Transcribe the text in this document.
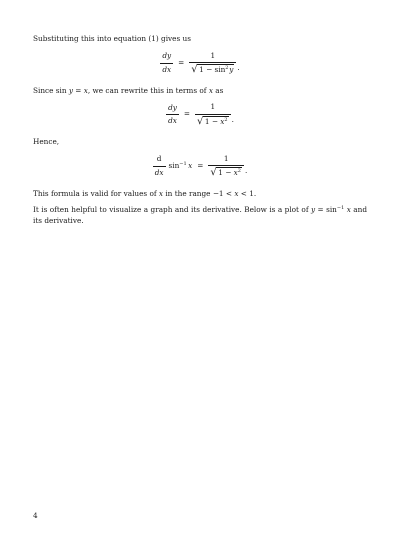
Substituting this into equation (1) gives us

$\frac{dy}{dx} = \frac{1}{√ 1 - \sin^2 y}$ .

Since sin y = x, we can rewrite this in terms of x as

$\frac{dy}{dx} = \frac{1}{√ 1 - x^2}$ .

Hence,

$\frac{d}{dx} \sin^{-1} x = \frac{1}{√ 1 - x^2}$ .

This formula is valid for values of x in the range −1 < x < 1.

It is often helpful to visualize a graph and its derivative. Below is a plot of $y = \sin^{-1} x$ and its derivative.

4
